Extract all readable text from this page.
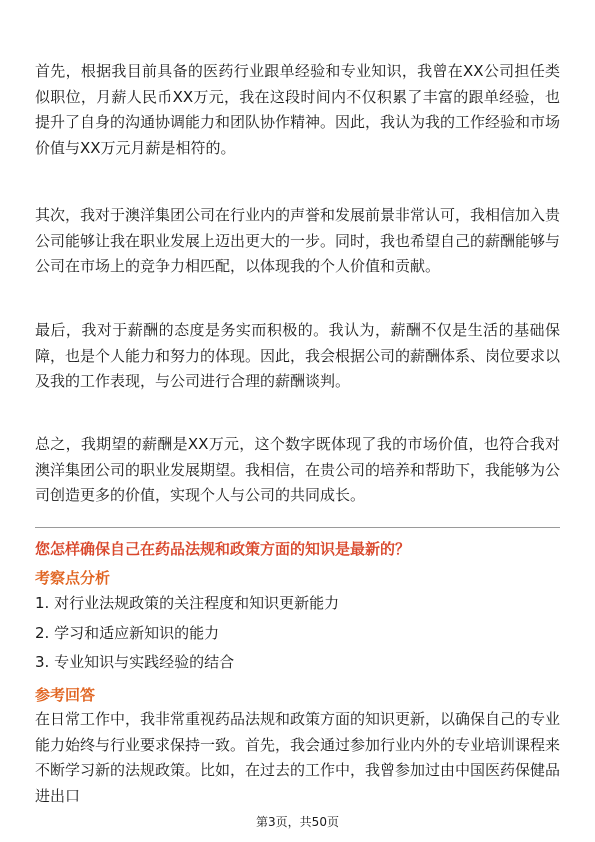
首先，根据我目前具备的医药行业跟单经验和专业知识，我曾在XX公司担任类似职位，月薪人民币XX万元，我在这段时间内不仅积累了丰富的跟单经验，也提升了自身的沟通协调能力和团队协作精神。因此，我认为我的工作经验和市场价值与XX万元月薪是相符的。

其次，我对于澳洋集团公司在行业内的声誉和发展前景非常认可，我相信加入贵公司能够让我在职业发展上迈出更大的一步。同时，我也希望自己的薪酬能够与公司在市场上的竞争力相匹配，以体现我的个人价值和贡献。

最后，我对于薪酬的态度是务实而积极的。我认为，薪酬不仅是生活的基础保障，也是个人能力和努力的体现。因此，我会根据公司的薪酬体系、岗位要求以及我的工作表现，与公司进行合理的薪酬谈判。

总之，我期望的薪酬是XX万元，这个数字既体现了我的市场价值，也符合我对澳洋集团公司的职业发展期望。我相信，在贵公司的培养和帮助下，我能够为公司创造更多的价值，实现个人与公司的共同成长。

您怎样确保自己在药品法规和政策方面的知识是最新的？

考察点分析

1. 对行业法规政策的关注程度和知识更新能力

2. 学习和适应新知识的能力

3. 专业知识与实践经验的结合

参考回答

在日常工作中，我非常重视药品法规和政策方面的知识更新，以确保自己的专业能力始终与行业要求保持一致。首先，我会通过参加行业内外的专业培训课程来不断学习新的法规政策。比如，在过去的工作中，我曾参加过由中国医药保健品进出口

第3页，共50页
